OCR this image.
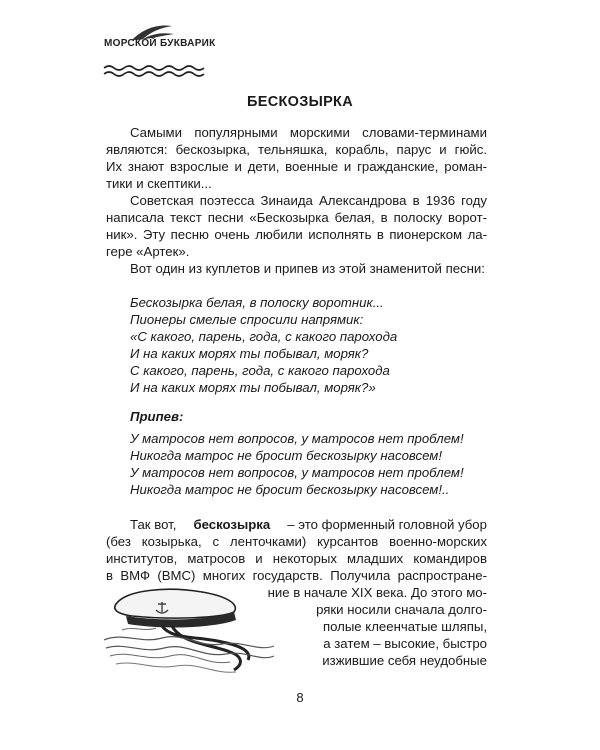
МОРСКОЙ БУКВАРИК
БЕСКОЗЫРКА
Самыми популярными морскими словами-терминами
являются: бескозырка, тельняшка, корабль, парус и гюйс.
Их знают взрослые и дети, военные и гражданские, роман-
тики и скептики...
Советская поэтесса Зинаида Александрова в 1936 году
написала текст песни «Бескозырка белая, в полоску ворот-
ник». Эту песню очень любили исполнять в пионерском ла-
гере «Артек».
Вот один из куплетов и припев из этой знаменитой песни:
Бескозырка белая, в полоску воротник...
Пионеры смелые спросили напрямик:
«С какого, парень, года, с какого парохода
И на каких морях ты побывал, моряк?
С какого, парень, года, с какого парохода
И на каких морях ты побывал, моряк?»
Припев:
У матросов нет вопросов, у матросов нет проблем!
Никогда матрос не бросит бескозырку насовсем!
У матросов нет вопросов, у матросов нет проблем!
Никогда матрос не бросит бескозырку насовсем!..
Так вот, бескозырка – это форменный головной убор
(без козырька, с ленточками) курсантов военно-морских
институтов, матросов и некоторых младших командиров
в ВМФ (ВМС) многих государств. Получила распростране-
ние в начале XIX века. До этого мо-
ряки носили сначала долго-
полые клеенчатые шляпы,
а затем – высокие, быстро
изжившие себя неудобные
8
